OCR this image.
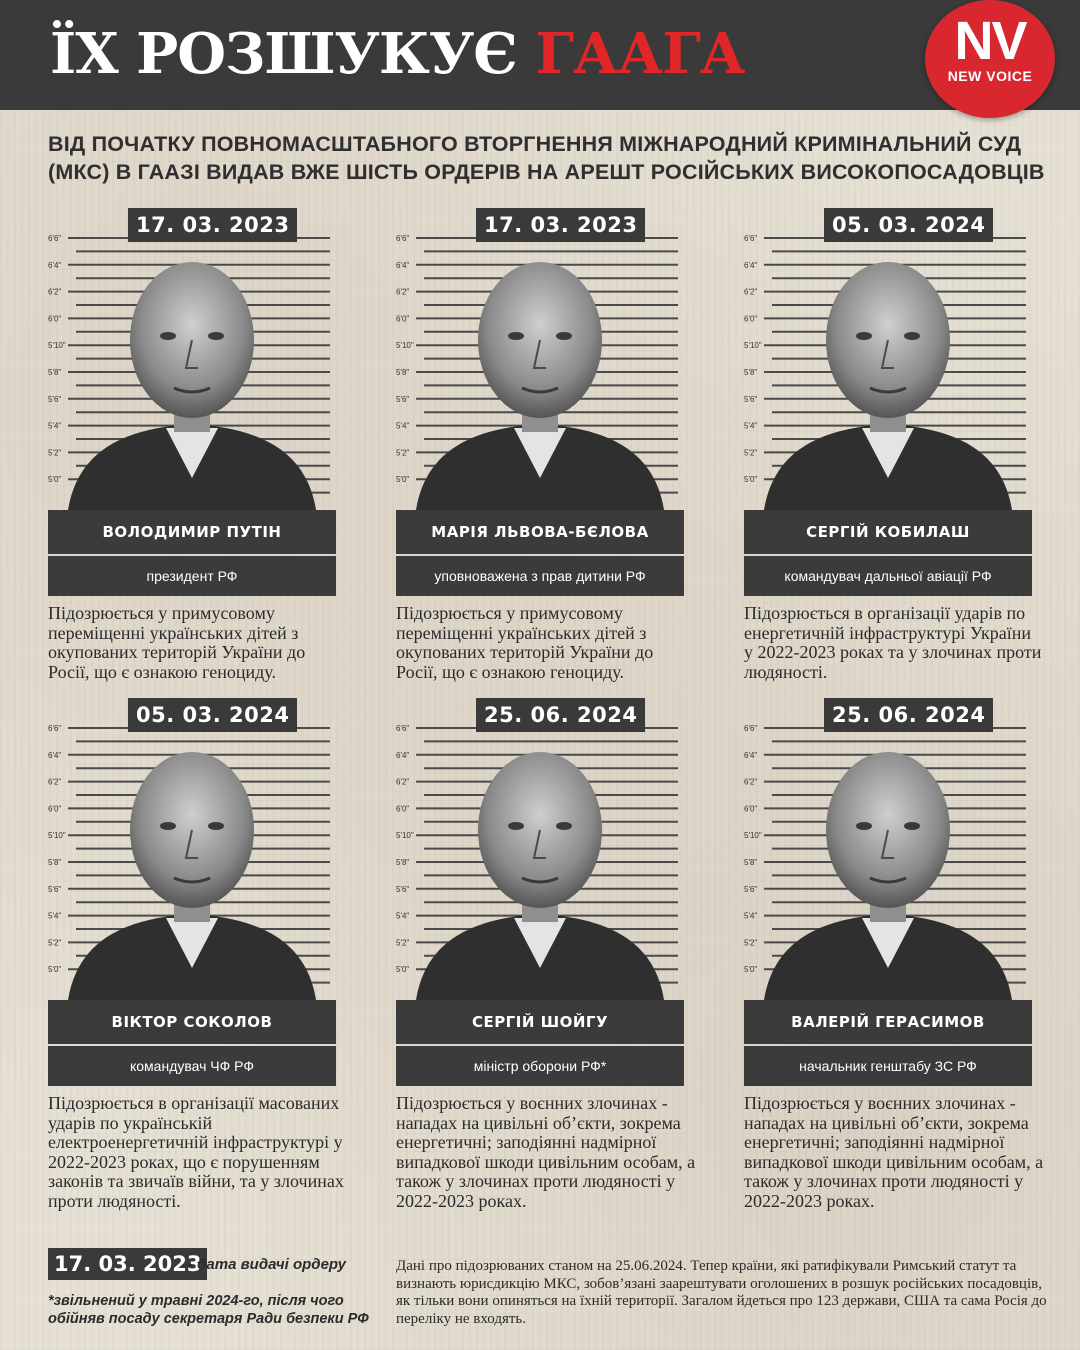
ЇХ РОЗШУКУЄ ГААГА	NV
NEW VOICE

ВІД ПОЧАТКУ ПОВНОМАСШТАБНОГО ВТОРГНЕННЯ МІЖНАРОДНИЙ КРИМІНАЛЬНИЙ СУД (МКС) В ГААЗІ ВИДАВ ВЖЕ ШІСТЬ ОРДЕРІВ НА АРЕШТ РОСІЙСЬКИХ ВИСОКОПОСАДОВЦІВ

17. 03. 2023
6'6"
6'4"
6'2"
6'0"
5'10"
5'8"
5'6"
5'4"
5'2"
5'0"
ВОЛОДИМИР ПУТІН
президент РФ

Підозрюється у примусовому переміщенні українських дітей з окупованих територій України до Росії, що є ознакою геноциду.

17. 03. 2023
6'6"
6'4"
6'2"
6'0"
5'10"
5'8"
5'6"
5'4"
5'2"
5'0"
МАРІЯ ЛЬВОВА-БЄЛОВА
уповноважена з прав дитини РФ

Підозрюється у примусовому переміщенні українських дітей з окупованих територій України до Росії, що є ознакою геноциду.

05. 03. 2024
6'6"
6'4"
6'2"
6'0"
5'10"
5'8"
5'6"
5'4"
5'2"
5'0"
СЕРГІЙ КОБИЛАШ
командувач дальньої авіації РФ

Підозрюється в організації ударів по енергетичній інфраструктурі України у 2022-2023 роках та у злочинах проти людяності.

05. 03. 2024
6'6"
6'4"
6'2"
6'0"
5'10"
5'8"
5'6"
5'4"
5'2"
5'0"
ВІКТОР СОКОЛОВ
командувач ЧФ РФ

Підозрюється в організації масованих ударів по українській електроенергетичній інфраструктурі у 2022-2023 роках, що є порушенням законів та звичаїв війни, та у злочинах проти людяності.

25. 06. 2024
6'6"
6'4"
6'2"
6'0"
5'10"
5'8"
5'6"
5'4"
5'2"
5'0"
СЕРГІЙ ШОЙГУ
міністр оборони РФ*

Підозрюється у воєнних злочинах - нападах на цивільні об’єкти, зокрема енергетичні; заподіянні надмірної випадкової шкоди цивільним особам, а також у злочинах проти людяності у 2022-2023 роках.

25. 06. 2024
6'6"
6'4"
6'2"
6'0"
5'10"
5'8"
5'6"
5'4"
5'2"
5'0"
ВАЛЕРІЙ ГЕРАСИМОВ
начальник генштабу ЗС РФ

Підозрюється у воєнних злочинах - нападах на цивільні об’єкти, зокрема енергетичні; заподіянні надмірної випадкової шкоди цивільним особам, а також у злочинах проти людяності у 2022-2023 роках.

17. 03. 2023
- дата видачі ордеру

*звільнений у травні 2024-го, після чого обійняв посаду секретаря Ради безпеки РФ

Дані про підозрюваних станом на 25.06.2024. Тепер країни, які ратифікували Римський статут та визнають юрисдикцію МКС, зобов’язані заарештувати оголошених в розшук російських посадовців, як тільки вони опиняться на їхній території. Загалом йдеться про 123 держави, США та сама Росія до переліку не входять.
